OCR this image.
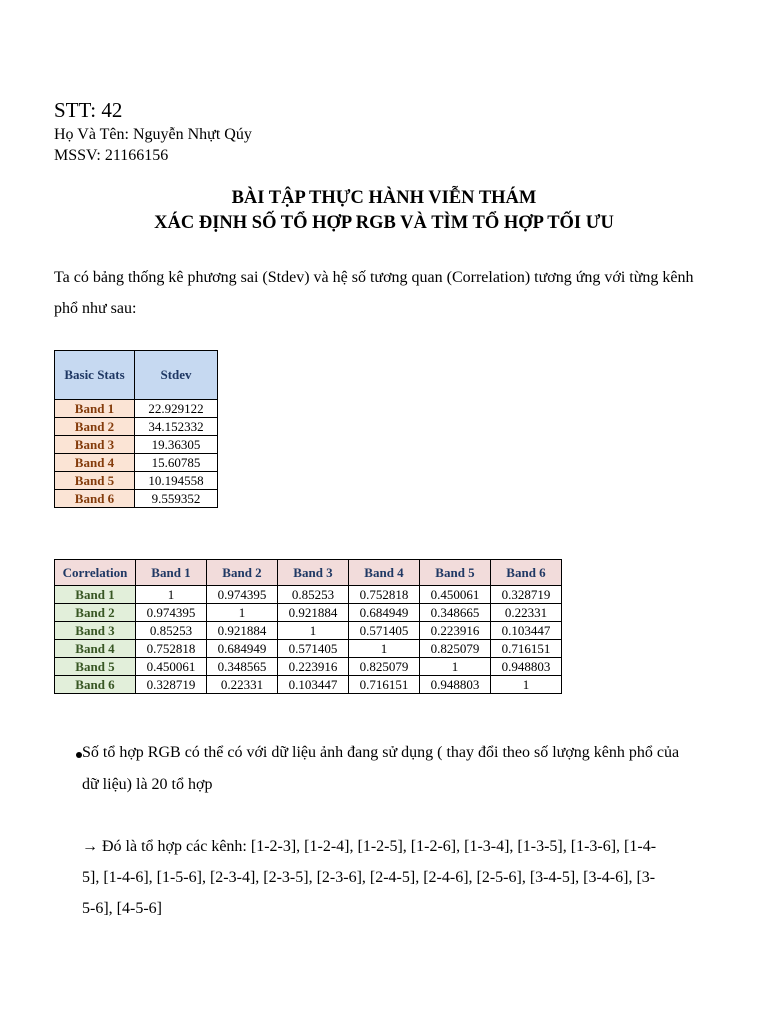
STT: 42
Họ Và Tên: Nguyễn Nhựt Qúy
MSSV: 21166156
BÀI TẬP THỰC HÀNH VIỄN THÁM
XÁC ĐỊNH SỐ TỔ HỢP RGB VÀ TÌM TỔ HỢP TỐI ƯU
Ta có bảng thống kê phương sai (Stdev) và hệ số tương quan (Correlation) tương ứng với từng kênh phổ như sau:
Basic Stats	Stdev
Band 1	22.929122
Band 2	34.152332
Band 3	19.36305
Band 4	15.60785
Band 5	10.194558
Band 6	9.559352
Correlation	Band 1	Band 2	Band 3	Band 4	Band 5	Band 6
Band 1	1	0.974395	0.85253	0.752818	0.450061	0.328719
Band 2	0.974395	1	0.921884	0.684949	0.348665	0.22331
Band 3	0.85253	0.921884	1	0.571405	0.223916	0.103447
Band 4	0.752818	0.684949	0.571405	1	0.825079	0.716151
Band 5	0.450061	0.348565	0.223916	0.825079	1	0.948803
Band 6	0.328719	0.22331	0.103447	0.716151	0.948803	1
Số tổ hợp RGB có thể có với dữ liệu ảnh đang sử dụng ( thay đổi theo số lượng kênh phổ của dữ liệu) là 20 tổ hợp
→ Đó là tổ hợp các kênh: [1-2-3], [1-2-4], [1-2-5], [1-2-6], [1-3-4], [1-3-5], [1-3-6], [1-4-5], [1-4-6], [1-5-6], [2-3-4], [2-3-5], [2-3-6], [2-4-5], [2-4-6], [2-5-6], [3-4-5], [3-4-6], [3-5-6], [4-5-6]
